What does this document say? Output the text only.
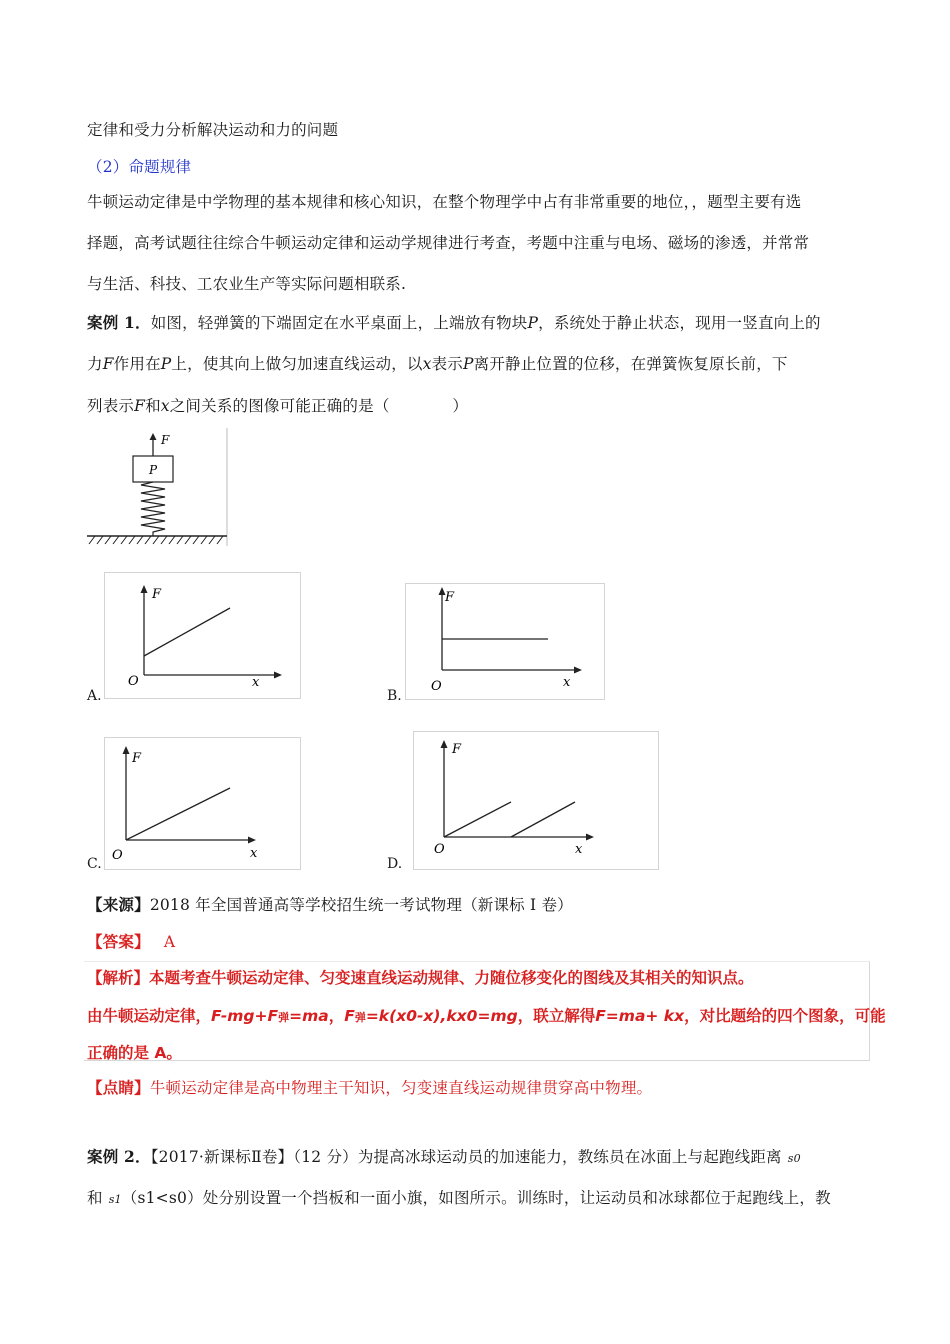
定律和受力分析解决运动和力的问题
（2）命题规律
牛顿运动定律是中学物理的基本规律和核心知识，在整个物理学中占有非常重要的地位，，题型主要有选
择题，高考试题往往综合牛顿运动定律和运动学规律进行考查，考题中注重与电场、磁场的渗透，并常常
与生活、科技、工农业生产等实际问题相联系.
案例 1．如图，轻弹簧的下端固定在水平桌面上，上端放有物块P，系统处于静止状态，现用一竖直向上的
力F作用在P上，使其向上做匀加速直线运动，以x表示P离开静止位置的位移，在弹簧恢复原长前，下
列表示F和x之间关系的图像可能正确的是（　　　　）
F
P
A.
F
x
O
B.
F
x
O
C.
F
x
O
D.
F
x
O
【来源】2018 年全国普通高等学校招生统一考试物理（新课标 I 卷）
【答案】 A
【解析】本题考查牛顿运动定律、匀变速直线运动规律、力随位移变化的图线及其相关的知识点。
由牛顿运动定律，F-mg+F弹=ma，F弹=k(x0-x),kx0=mg，联立解得F=ma+ kx，对比题给的四个图象，可能
正确的是 A。
【点睛】牛顿运动定律是高中物理主干知识，匀变速直线运动规律贯穿高中物理。
案例 2．【2017·新课标Ⅱ卷】（12 分）为提高冰球运动员的加速能力，教练员在冰面上与起跑线距离 s0
和 s1（s1<s0）处分别设置一个挡板和一面小旗，如图所示。训练时，让运动员和冰球都位于起跑线上，教
